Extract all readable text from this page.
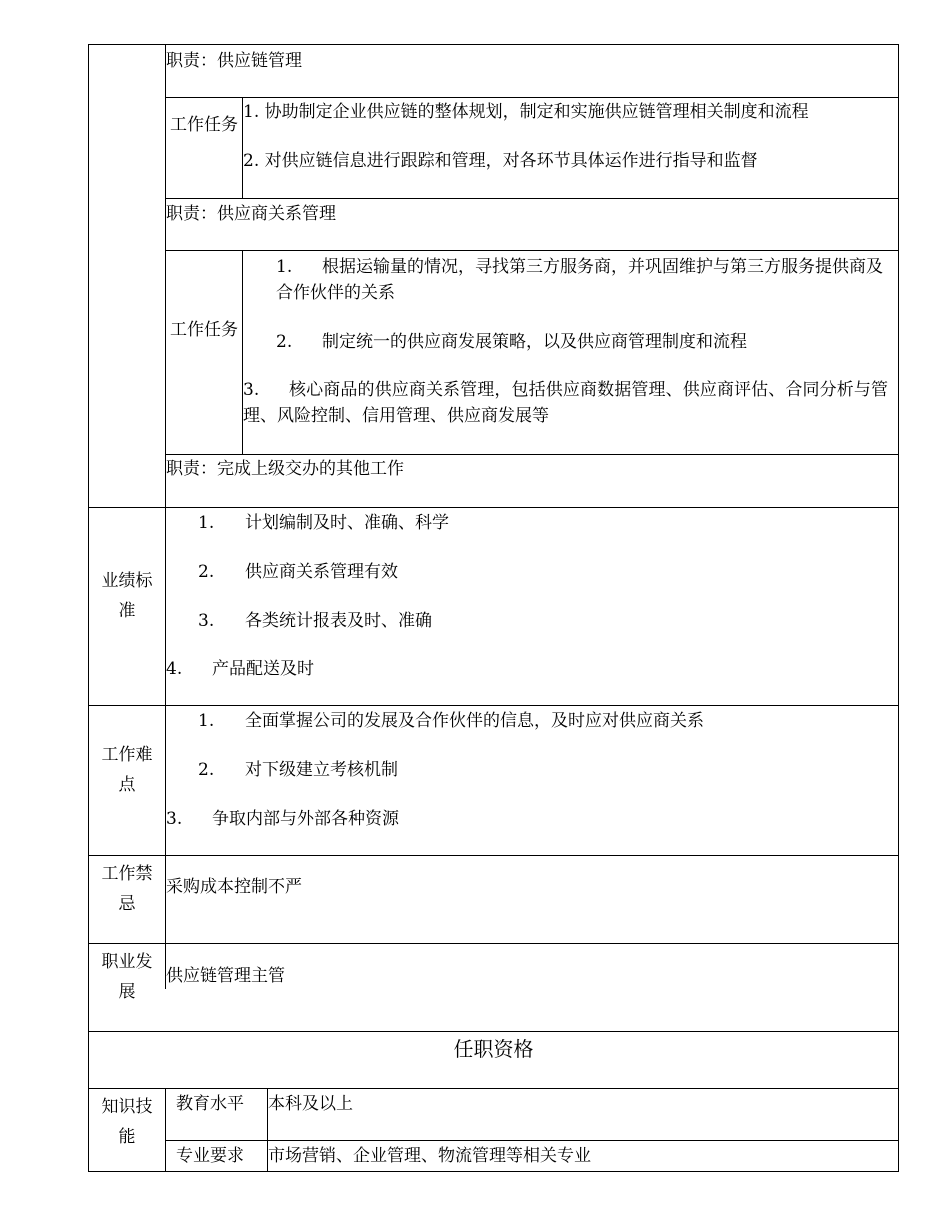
职责：供应链管理
工作任务
1. 协助制定企业供应链的整体规划，制定和实施供应链管理相关制度和流程
2. 对供应链信息进行跟踪和管理，对各环节具体运作进行指导和监督
职责：供应商关系管理
工作任务
1.	根据运输量的情况，寻找第三方服务商，并巩固维护与第三方服务提供商及合作伙伴的关系
2. 制定统一的供应商发展策略，以及供应商管理制度和流程
3.	核心商品的供应商关系管理，包括供应商数据管理、供应商评估、合同分析与管理、风险控制、信用管理、供应商发展等
职责：完成上级交办的其他工作
业绩标准
1. 计划编制及时、准确、科学
2. 供应商关系管理有效
3. 各类统计报表及时、准确
4. 产品配送及时
工作难点
1. 全面掌握公司的发展及合作伙伴的信息，及时应对供应商关系
2. 对下级建立考核机制
3. 争取内部与外部各种资源
工作禁忌
采购成本控制不严
职业发展
供应链管理主管
任职资格
知识技能
教育水平 本科及以上
专业要求 市场营销、企业管理、物流管理等相关专业
